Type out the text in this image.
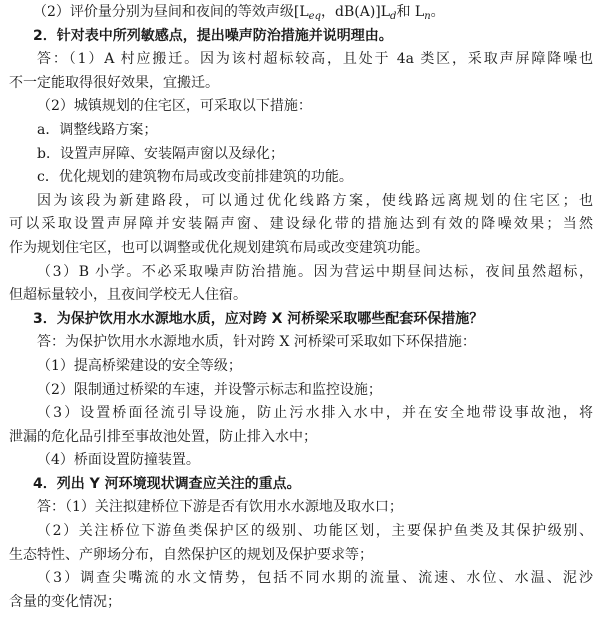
（2）评价量分别为昼间和夜间的等效声级[$L_{eq}$，$dB(A)]L_d$和 $L_n$。
2．针对表中所列敏感点，提出噪声防治措施并说明理由。
答：（1）A 村应搬迁。因为该村超标较高，且处于 4a 类区，采取声屏障降噪也
不一定能取得很好效果，宜搬迁。
（2）城镇规划的住宅区，可采取以下措施：
a．调整线路方案；
b．设置声屏障、安装隔声窗以及绿化；
c．优化规划的建筑物布局或改变前排建筑的功能。
因为该段为新建路段，可以通过优化线路方案，使线路远离规划的住宅区；也
可以采取设置声屏障并安装隔声窗、建设绿化带的措施达到有效的降噪效果；当然
作为规划住宅区，也可以调整或优化规划建筑布局或改变建筑功能。
（3）B 小学。不必采取噪声防治措施。因为营运中期昼间达标，夜间虽然超标，
但超标量较小，且夜间学校无人住宿。
3．为保护饮用水水源地水质，应对跨 X 河桥梁采取哪些配套环保措施？
答：为保护饮用水水源地水质，针对跨 X 河桥梁可采取如下环保措施：
（1）提高桥梁建设的安全等级；
（2）限制通过桥梁的车速，并设警示标志和监控设施；
（3）设置桥面径流引导设施，防止污水排入水中，并在安全地带设事故池，将
泄漏的危化品引排至事故池处置，防止排入水中；
（4）桥面设置防撞装置。
4．列出 Y 河环境现状调查应关注的重点。
答：（1）关注拟建桥位下游是否有饮用水水源地及取水口；
（2）关注桥位下游鱼类保护区的级别、功能区划，主要保护鱼类及其保护级别、
生态特性、产卵场分布，自然保护区的规划及保护要求等；
（3）调查尖嘴流的水文情势，包括不同水期的流量、流速、水位、水温、泥沙
含量的变化情况；
